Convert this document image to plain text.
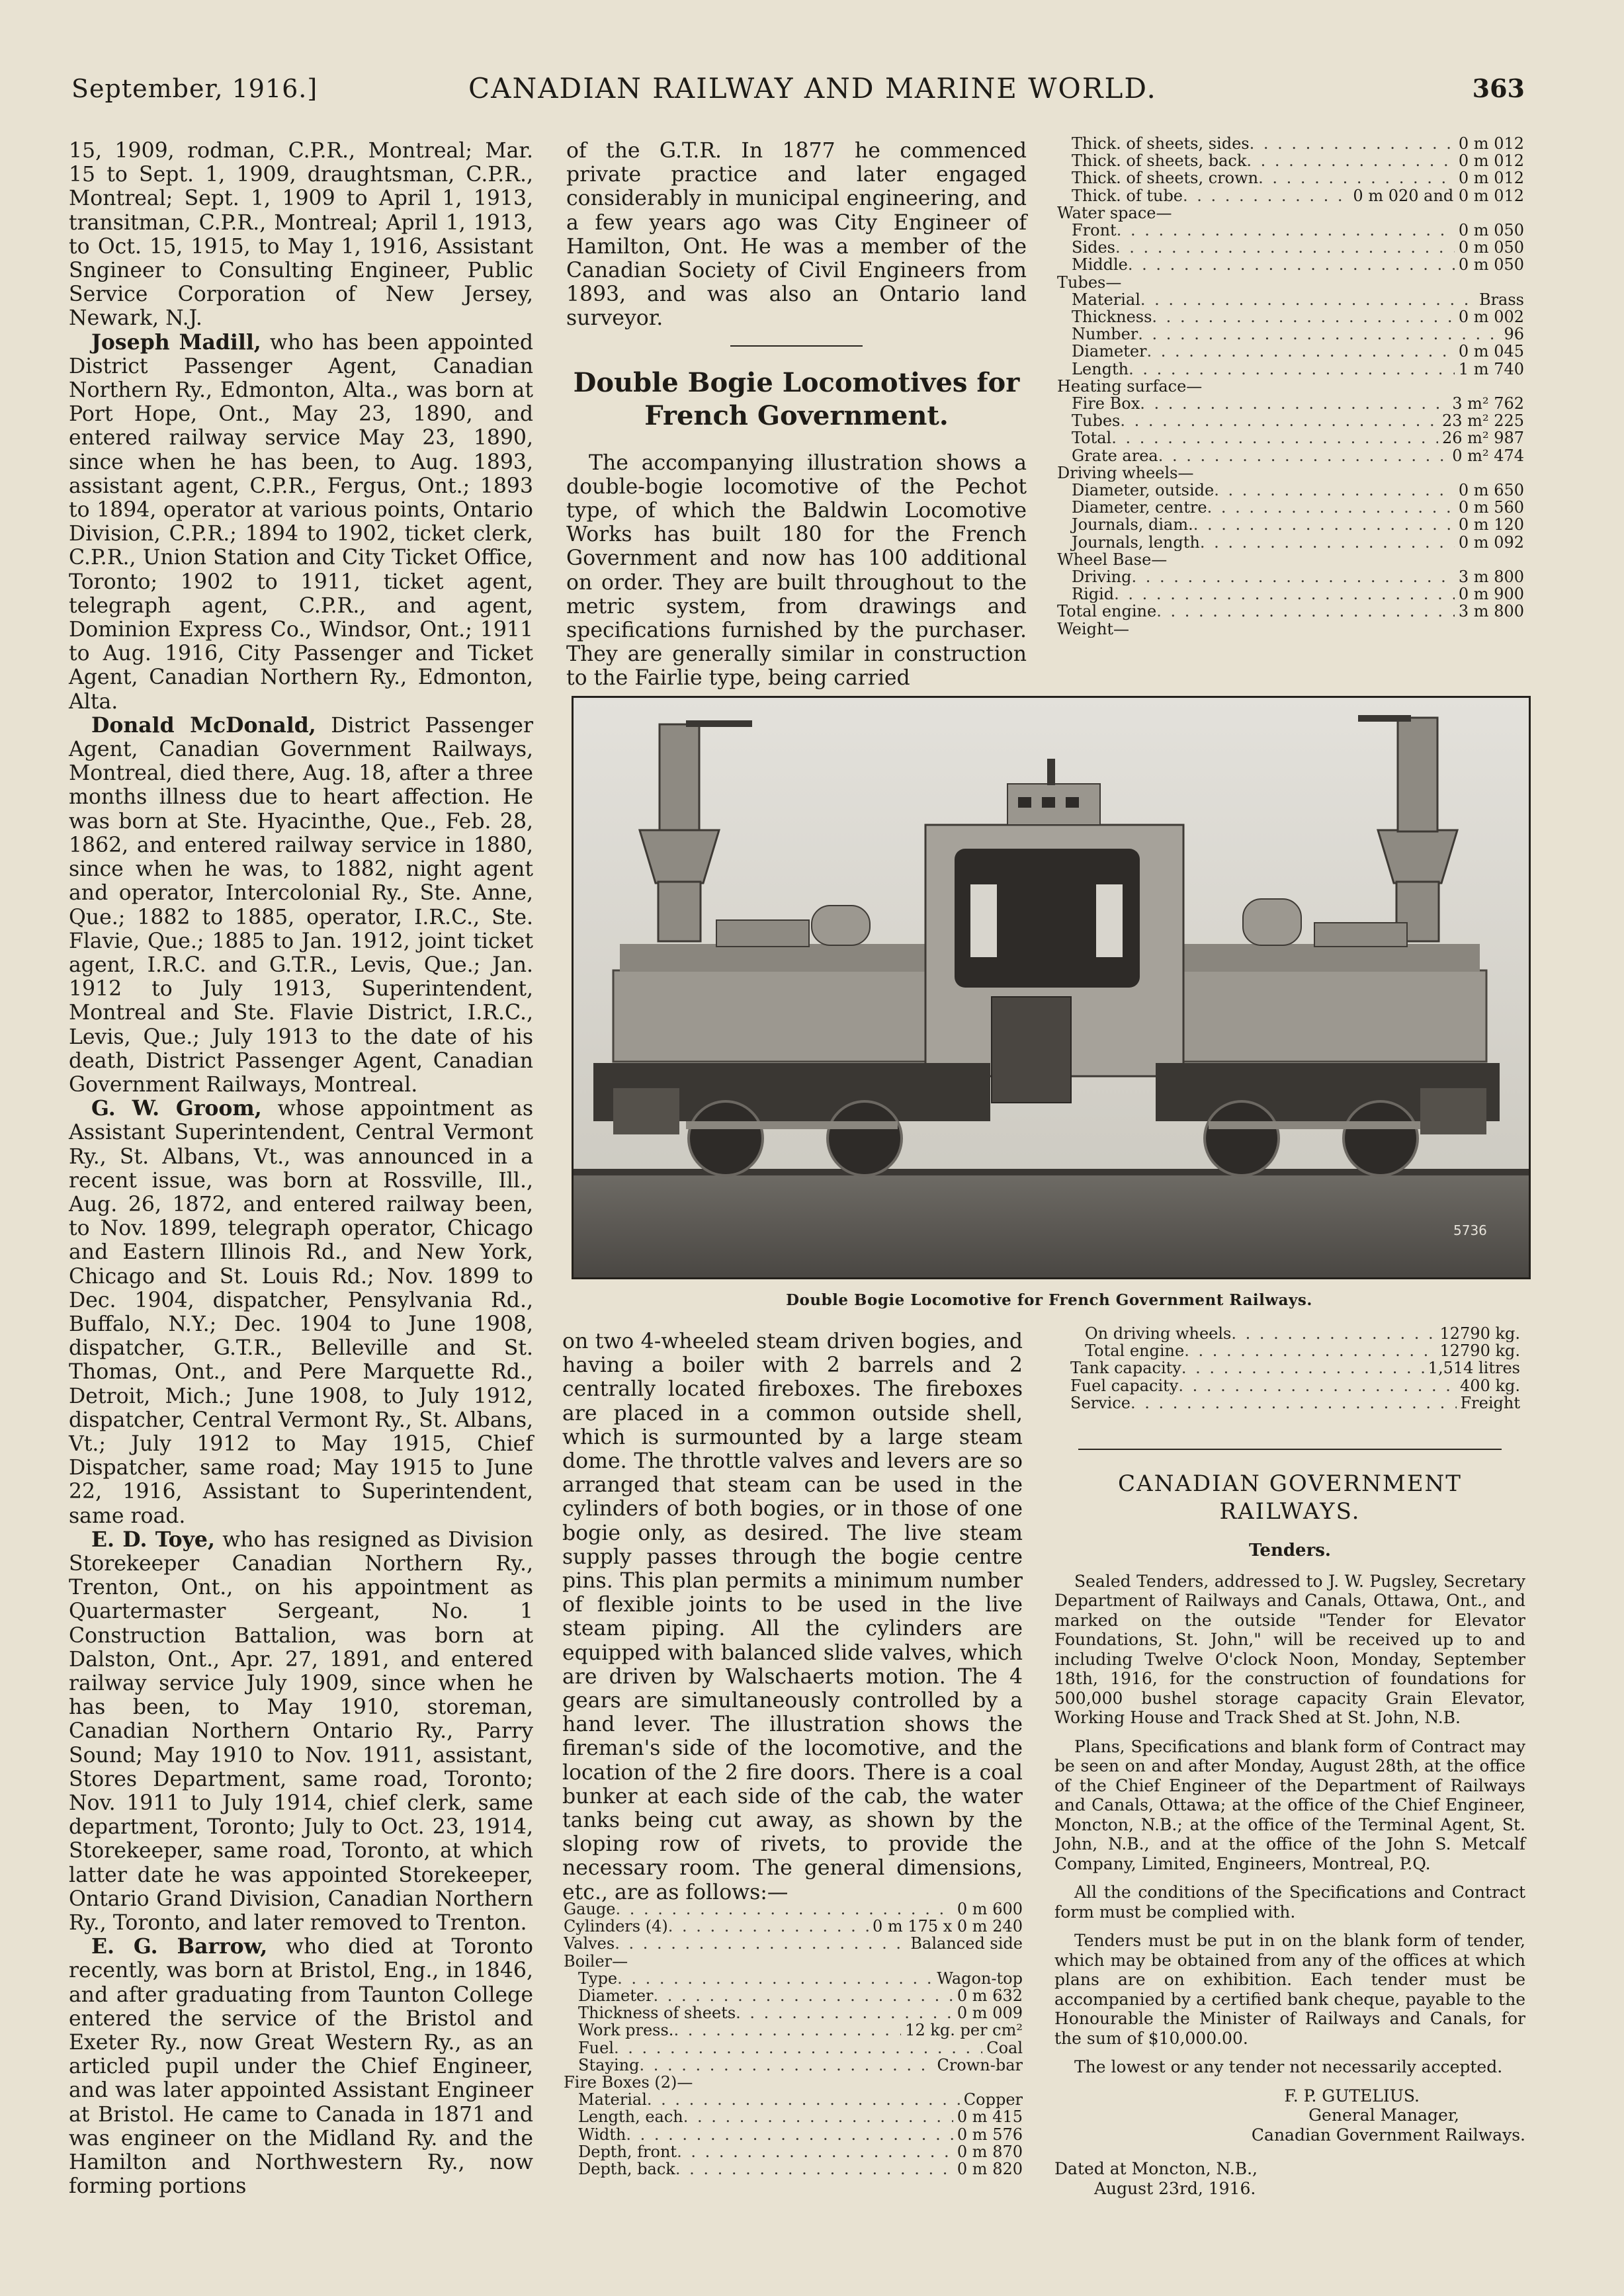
September, 1916.]	CANADIAN RAILWAY AND MARINE WORLD.	363

15, 1909, rodman, C.P.R., Montreal; Mar. 15 to Sept. 1, 1909, draughtsman, C.P.R., Montreal; Sept. 1, 1909 to April 1, 1913, transitman, C.P.R., Montreal; April 1, 1913, to Oct. 15, 1915, to May 1, 1916, Assistant Sngineer to Consulting Engineer, Public Service Corporation of New Jersey, Newark, N.J.

Joseph Madill, who has been appointed District Passenger Agent, Canadian Northern Ry., Edmonton, Alta., was born at Port Hope, Ont., May 23, 1890, and entered railway service May 23, 1890, since when he has been, to Aug. 1893, assistant agent, C.P.R., Fergus, Ont.; 1893 to 1894, operator at various points, Ontario Division, C.P.R.; 1894 to 1902, ticket clerk, C.P.R., Union Station and City Ticket Office, Toronto; 1902 to 1911, ticket agent, telegraph agent, C.P.R., and agent, Dominion Express Co., Windsor, Ont.; 1911 to Aug. 1916, City Passenger and Ticket Agent, Canadian Northern Ry., Edmonton, Alta.

Donald McDonald, District Passenger Agent, Canadian Government Railways, Montreal, died there, Aug. 18, after a three months illness due to heart affection. He was born at Ste. Hyacinthe, Que., Feb. 28, 1862, and entered railway service in 1880, since when he was, to 1882, night agent and operator, Intercolonial Ry., Ste. Anne, Que.; 1882 to 1885, operator, I.R.C., Ste. Flavie, Que.; 1885 to Jan. 1912, joint ticket agent, I.R.C. and G.T.R., Levis, Que.; Jan. 1912 to July 1913, Superintendent, Montreal and Ste. Flavie District, I.R.C., Levis, Que.; July 1913 to the date of his death, District Passenger Agent, Canadian Government Railways, Montreal.

G. W. Groom, whose appointment as Assistant Superintendent, Central Vermont Ry., St. Albans, Vt., was announced in a recent issue, was born at Rossville, Ill., Aug. 26, 1872, and entered railway been, to Nov. 1899, telegraph operator, Chicago and Eastern Illinois Rd., and New York, Chicago and St. Louis Rd.; Nov. 1899 to Dec. 1904, dispatcher, Pensylvania Rd., Buffalo, N.Y.; Dec. 1904 to June 1908, dispatcher, G.T.R., Belleville and St. Thomas, Ont., and Pere Marquette Rd., Detroit, Mich.; June 1908, to July 1912, dispatcher, Central Vermont Ry., St. Albans, Vt.; July 1912 to May 1915, Chief Dispatcher, same road; May 1915 to June 22, 1916, Assistant to Superintendent, same road.

E. D. Toye, who has resigned as Division Storekeeper Canadian Northern Ry., Trenton, Ont., on his appointment as Quartermaster Sergeant, No. 1 Construction Battalion, was born at Dalston, Ont., Apr. 27, 1891, and entered railway service July 1909, since when he has been, to May 1910, storeman, Canadian Northern Ontario Ry., Parry Sound; May 1910 to Nov. 1911, assistant, Stores Department, same road, Toronto; Nov. 1911 to July 1914, chief clerk, same department, Toronto; July to Oct. 23, 1914, Storekeeper, same road, Toronto, at which latter date he was appointed Storekeeper, Ontario Grand Division, Canadian Northern Ry., Toronto, and later removed to Trenton.

E. G. Barrow, who died at Toronto recently, was born at Bristol, Eng., in 1846, and after graduating from Taunton College entered the service of the Bristol and Exeter Ry., now Great Western Ry., as an articled pupil under the Chief Engineer, and was later appointed Assistant Engineer at Bristol. He came to Canada in 1871 and was engineer on the Midland Ry. and the Hamilton and Northwestern Ry., now forming portions

of the G.T.R. In 1877 he commenced private practice and later engaged considerably in municipal engineering, and a few years ago was City Engineer of Hamilton, Ont. He was a member of the Canadian Society of Civil Engineers from 1893, and was also an Ontario land surveyor.

Double Bogie Locomotives for French Government.

The accompanying illustration shows a double-bogie locomotive of the Pechot type, of which the Baldwin Locomotive Works has built 180 for the French Government and now has 100 additional on order. They are built throughout to the metric system, from drawings and specifications furnished by the purchaser. They are generally similar in construction to the Fairlie type, being carried

Thick. of sheets, sides . . .	0 m 012
Thick. of sheets, back . . .	0 m 012
Thick. of sheets, crown . . .	0 m 012
Thick. of tube . . .	0 m 020 and 0 m 012
Water space—
Front . . .	0 m 050
Sides . . .	0 m 050
Middle . . .	0 m 050
Tubes—
Material . . .	Brass
Thickness . . .	0 m 002
Number . . .	96
Diameter . . .	0 m 045
Length . . .	1 m 740
Heating surface—
Fire Box . . .	3 m² 762
Tubes . . .	23 m² 225
Total . . .	26 m² 987
Grate area . . .	0 m² 474
Driving wheels—
Diameter, outside . . .	0 m 650
Diameter, centre . . .	0 m 560
Journals, diam. . . .	0 m 120
Journals, length . . .	0 m 092
Wheel Base—
Driving . . .	3 m 800
Rigid . . .	0 m 900
Total engine . . .	3 m 800
Weight—
5736
Double Bogie Locomotive for French Government Railways.

on two 4-wheeled steam driven bogies, and having a boiler with 2 barrels and 2 centrally located fireboxes. The fireboxes are placed in a common outside shell, which is surmounted by a large steam dome. The throttle valves and levers are so arranged that steam can be used in the cylinders of both bogies, or in those of one bogie only, as desired. The live steam supply passes through the bogie centre pins. This plan permits a minimum number of flexible joints to be used in the live steam piping. All the cylinders are equipped with balanced slide valves, which are driven by Walschaerts motion. The 4 gears are simultaneously controlled by a hand lever. The illustration shows the fireman's side of the locomotive, and the location of the 2 fire doors. There is a coal bunker at each side of the cab, the water tanks being cut away, as shown by the sloping row of rivets, to provide the necessary room. The general dimensions, etc., are as follows:—

Gauge . . .	0 m 600
Cylinders (4) . . .	0 m 175 x 0 m 240
Valves . . .	Balanced side
Boiler—
Type . . .	Wagon-top
Diameter . . .	0 m 632
Thickness of sheets . . .	0 m 009
Work press. . . .	12 kg. per cm²
Fuel . . .	Coal
Staying . . .	Crown-bar
Fire Boxes (2)—
Material . . .	Copper
Length, each . . .	0 m 415
Width . . .	0 m 576
Depth, front . . .	0 m 870
Depth, back . . .	0 m 820
On driving wheels . . .	12790 kg.
Total engine . . .	12790 kg.
Tank capacity . . .	1,514 litres
Fuel capacity . . .	400 kg.
Service . . .	Freight
CANADIAN GOVERNMENT RAILWAYS.
Tenders.

Sealed Tenders, addressed to J. W. Pugsley, Secretary Department of Railways and Canals, Ottawa, Ont., and marked on the outside "Tender for Elevator Foundations, St. John," will be received up to and including Twelve O'clock Noon, Monday, September 18th, 1916, for the construction of foundations for 500,000 bushel storage capacity Grain Elevator, Working House and Track Shed at St. John, N.B.

Plans, Specifications and blank form of Contract may be seen on and after Monday, August 28th, at the office of the Chief Engineer of the Department of Railways and Canals, Ottawa; at the office of the Chief Engineer, Moncton, N.B.; at the office of the Terminal Agent, St. John, N.B., and at the office of the John S. Metcalf Company, Limited, Engineers, Montreal, P.Q.

All the conditions of the Specifications and Contract form must be complied with.

Tenders must be put in on the blank form of tender, which may be obtained from any of the offices at which plans are on exhibition. Each tender must be accompanied by a certified bank cheque, payable to the Honourable the Minister of Railways and Canals, for the sum of $10,000.00.

The lowest or any tender not necessarily accepted.

F. P. GUTELIUS.

General Manager,

Canadian Government Railways.

Dated at Moncton, N.B.,

August 23rd, 1916.
